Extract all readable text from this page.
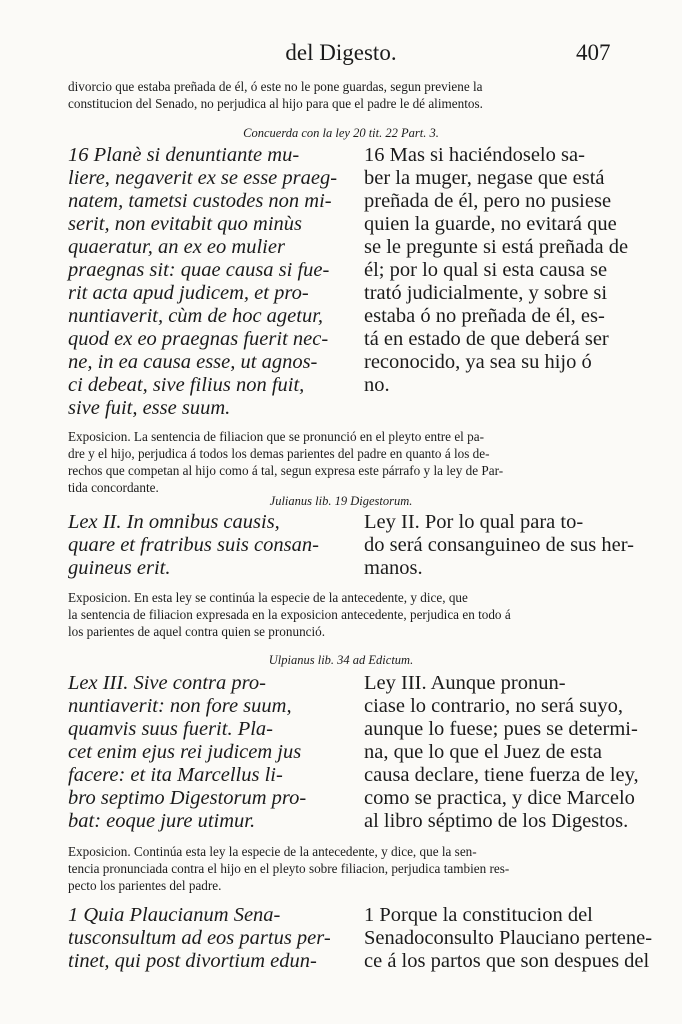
del Digesto.	407
divorcio que estaba preñada de él, ó este no le pone guardas, segun previene la
constitucion del Senado, no perjudica al hijo para que el padre le dé alimentos.
Concuerda con la ley 20 tit. 22 Part. 3.
16 Planè si denuntiante mu-
liere, negaverit ex se esse praeg-
natem, tametsi custodes non mi-
serit, non evitabit quo minùs
quaeratur, an ex eo mulier
praegnas sit: quae causa si fue-
rit acta apud judicem, et pro-
nuntiaverit, cùm de hoc agetur,
quod ex eo praegnas fuerit nec-
ne, in ea causa esse, ut agnos-
ci debeat, sive filius non fuit,
sive fuit, esse suum.
16 Mas si haciéndoselo sa-
ber la muger, negase que está
preñada de él, pero no pusiese
quien la guarde, no evitará que
se le pregunte si está preñada de
él; por lo qual si esta causa se
trató judicialmente, y sobre si
estaba ó no preñada de él, es-
tá en estado de que deberá ser
reconocido, ya sea su hijo ó
no.
Exposicion. La sentencia de filiacion que se pronunció en el pleyto entre el pa-
dre y el hijo, perjudica á todos los demas parientes del padre en quanto á los de-
rechos que competan al hijo como á tal, segun expresa este párrafo y la ley de Par-
tida concordante.
Julianus lib. 19 Digestorum.
Lex II. In omnibus causis,
quare et fratribus suis consan-
guineus erit.
Ley II. Por lo qual para to-
do será consanguineo de sus her-
manos.
Exposicion. En esta ley se continúa la especie de la antecedente, y dice, que
la sentencia de filiacion expresada en la exposicion antecedente, perjudica en todo á
los parientes de aquel contra quien se pronunció.
Ulpianus lib. 34 ad Edictum.
Lex III. Sive contra pro-
nuntiaverit: non fore suum,
quamvis suus fuerit. Pla-
cet enim ejus rei judicem jus
facere: et ita Marcellus li-
bro septimo Digestorum pro-
bat: eoque jure utimur.
Ley III. Aunque pronun-
ciase lo contrario, no será suyo,
aunque lo fuese; pues se determi-
na, que lo que el Juez de esta
causa declare, tiene fuerza de ley,
como se practica, y dice Marcelo
al libro séptimo de los Digestos.
Exposicion. Continúa esta ley la especie de la antecedente, y dice, que la sen-
tencia pronunciada contra el hijo en el pleyto sobre filiacion, perjudica tambien res-
pecto los parientes del padre.
1 Quia Plaucianum Sena-
tusconsultum ad eos partus per-
tinet, qui post divortium edun-
1 Porque la constitucion del
Senadoconsulto Plauciano pertene-
ce á los partos que son despues del
